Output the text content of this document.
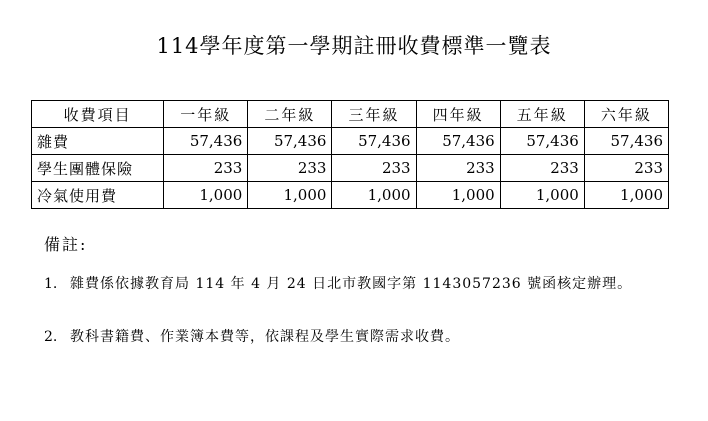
114學年度第一學期註冊收費標準一覽表
收費項目	一年級	二年級	三年級	四年級	五年級	六年級
雜費	57,436	57,436	57,436	57,436	57,436	57,436
學生團體保險	233	233	233	233	233	233
冷氣使用費	1,000	1,000	1,000	1,000	1,000	1,000
備註:
1. 雜費係依據教育局 114 年 4 月 24 日北市教國字第 1143057236 號函核定辦理。
2. 教科書籍費、作業簿本費等，依課程及學生實際需求收費。
